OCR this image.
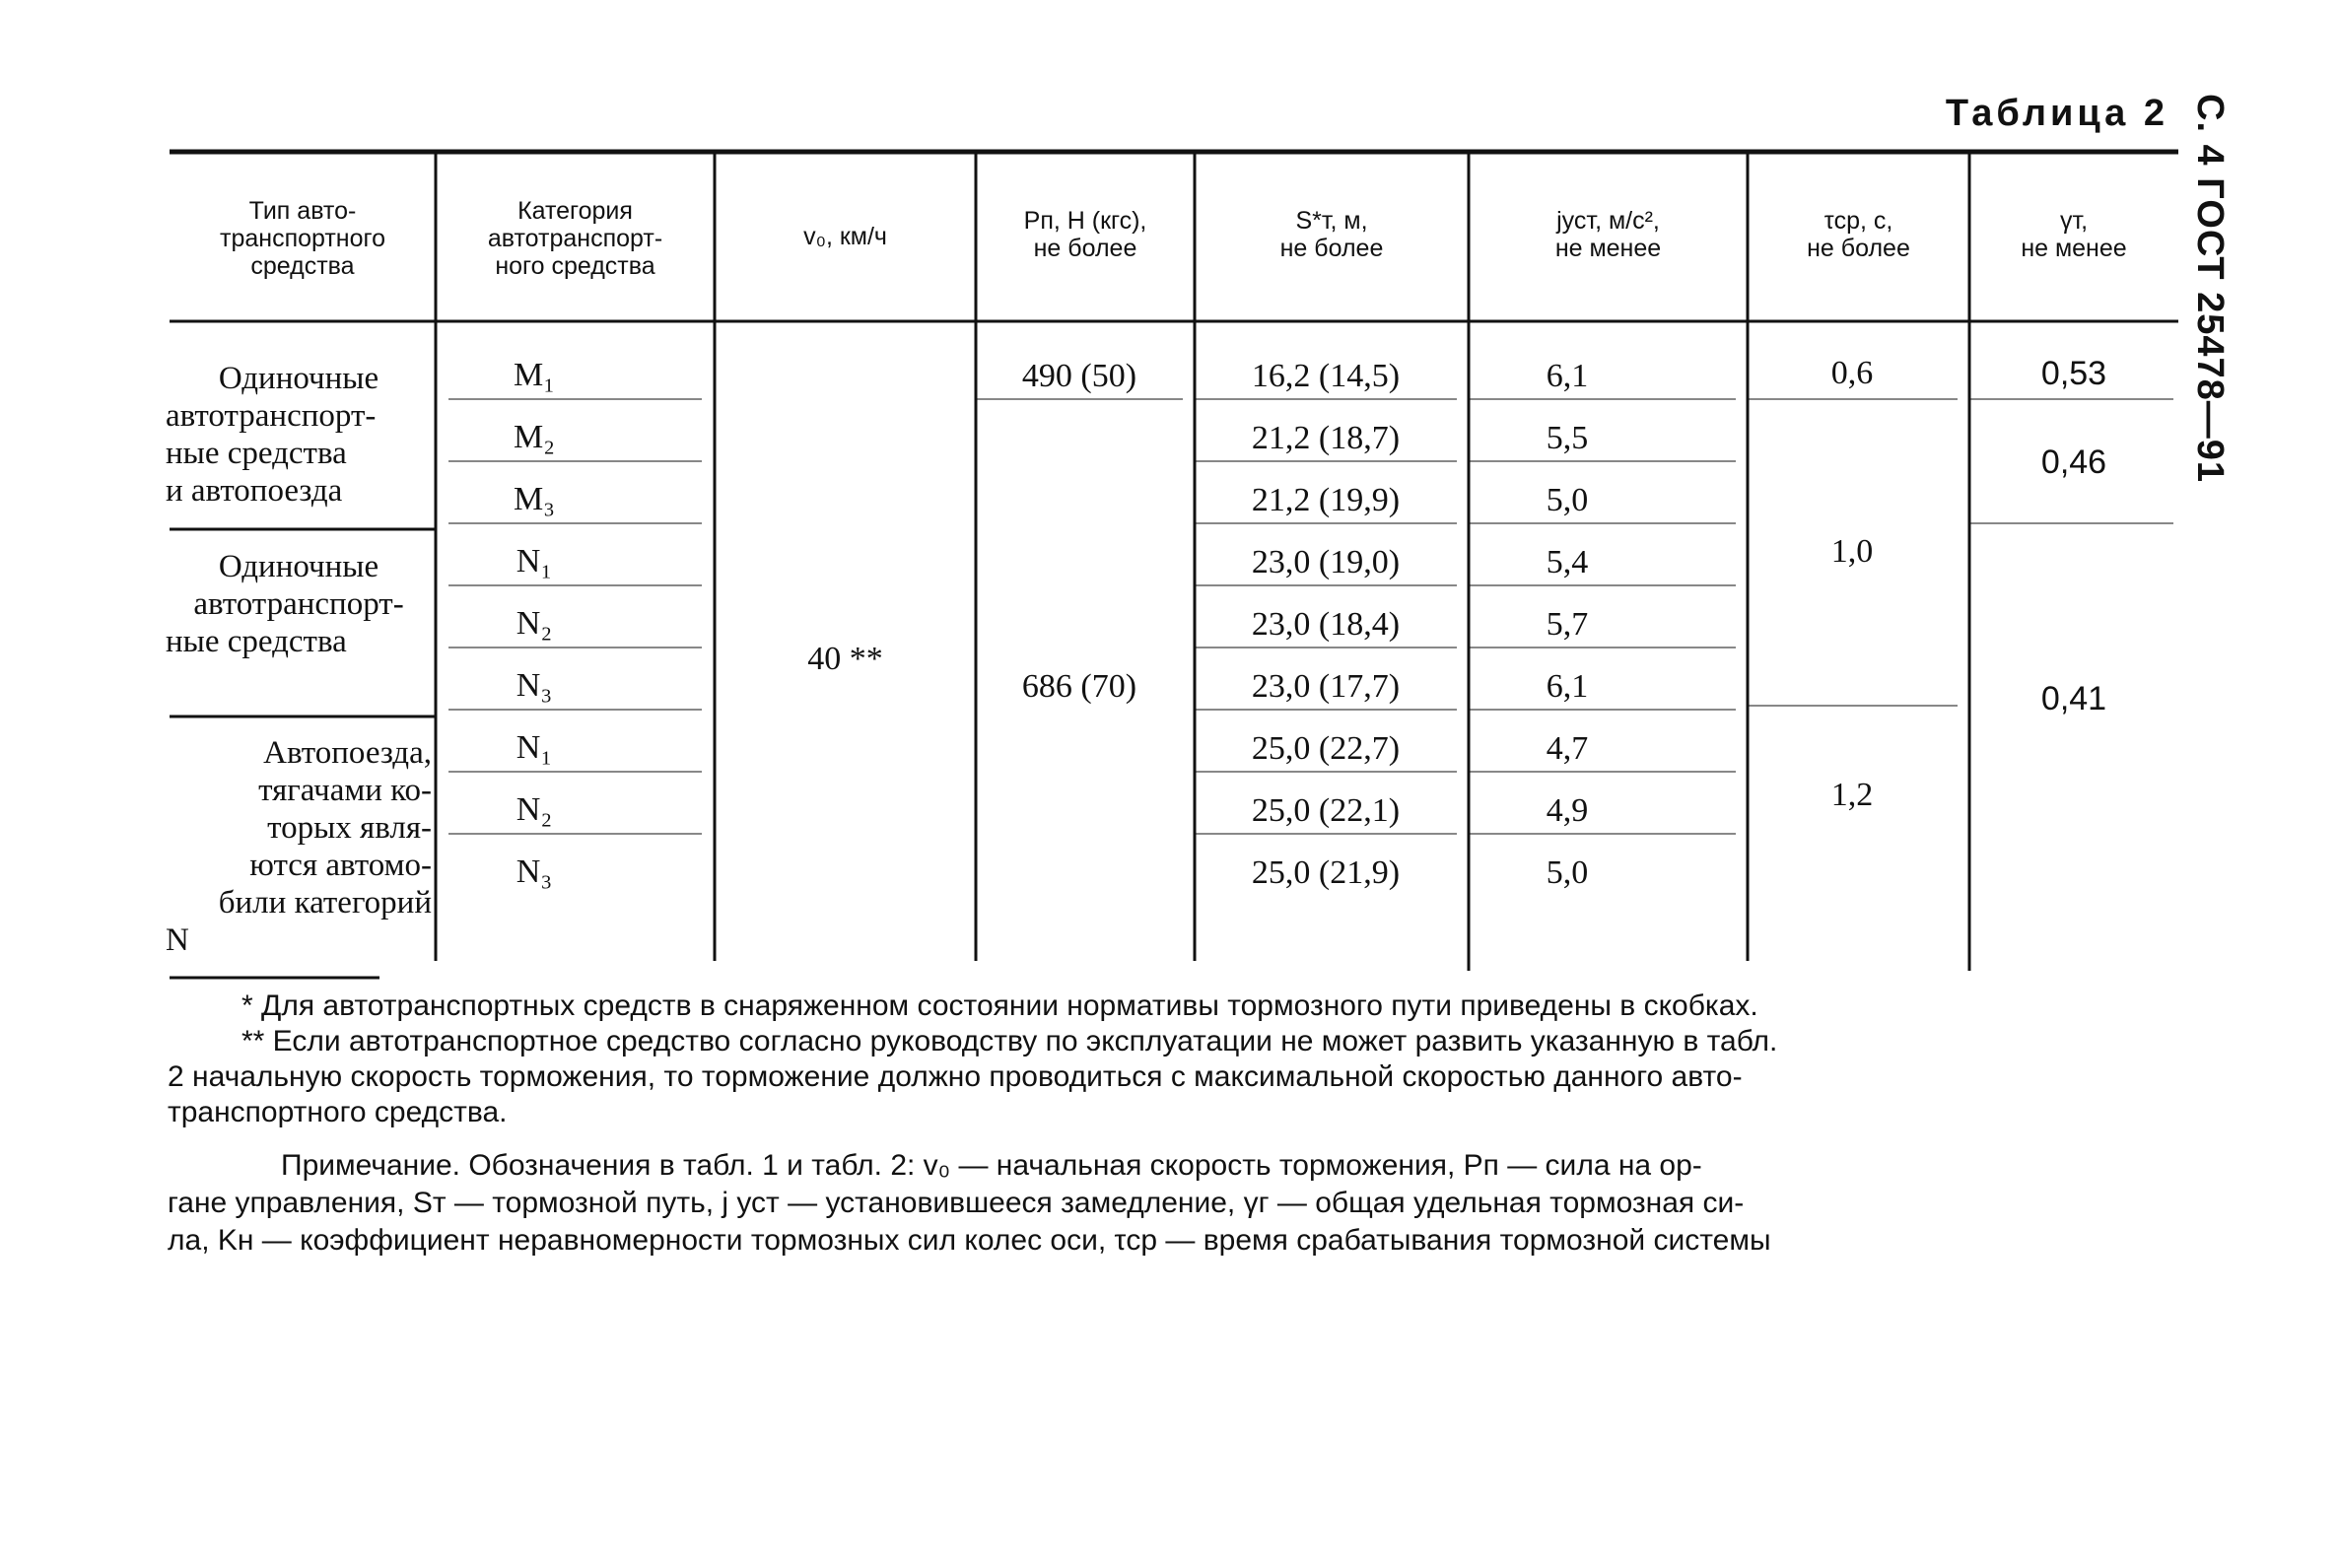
С. 4 ГОСТ 25478—91
Таблица 2
Тип авто-
транспортного
средства
Категория
автотранспорт-
ного средства
v₀, км/ч
Pп, Н (кгс),
не более
S*т, м,
не более
jуст, м/с²,
не менее
τср, с,
не более
γт,
не менее
Одиночные
автотранспорт-
ные средства
и автопоезда
Одиночные
автотранспорт-
ные средства
Автопоезда,
тягачами ко-
торых явля-
ются автомо-
били категорий
N
M₁
M₂
M₃
N₁
N₂
N₃
N₁
N₂
N₃
40 **
490 (50)
686 (70)
16,2 (14,5)
21,2 (18,7)
21,2 (19,9)
23,0 (19,0)
23,0 (18,4)
23,0 (17,7)
25,0 (22,7)
25,0 (22,1)
25,0 (21,9)
6,1
5,5
5,0
5,4
5,7
6,1
4,7
4,9
5,0
0,6
1,0
1,2
0,53
0,46
0,41
* Для автотранспортных средств в снаряженном состоянии нормативы тормозного пути приведены в скобках.
** Если автотранспортное средство согласно руководству по эксплуатации не может развить указанную в табл.
2 начальную скорость торможения, то торможение должно проводиться с максимальной скоростью данного авто-
транспортного средства.
Примечание. Обозначения в табл. 1 и табл. 2: v₀ — начальная скорость торможения, Pп — сила на ор-
гане управления, Sт — тормозной путь, j уст — установившееся замедление, γг — общая удельная тормозная си-
ла, Kн — коэффициент неравномерности тормозных сил колес оси, τср — время срабатывания тормозной системы
